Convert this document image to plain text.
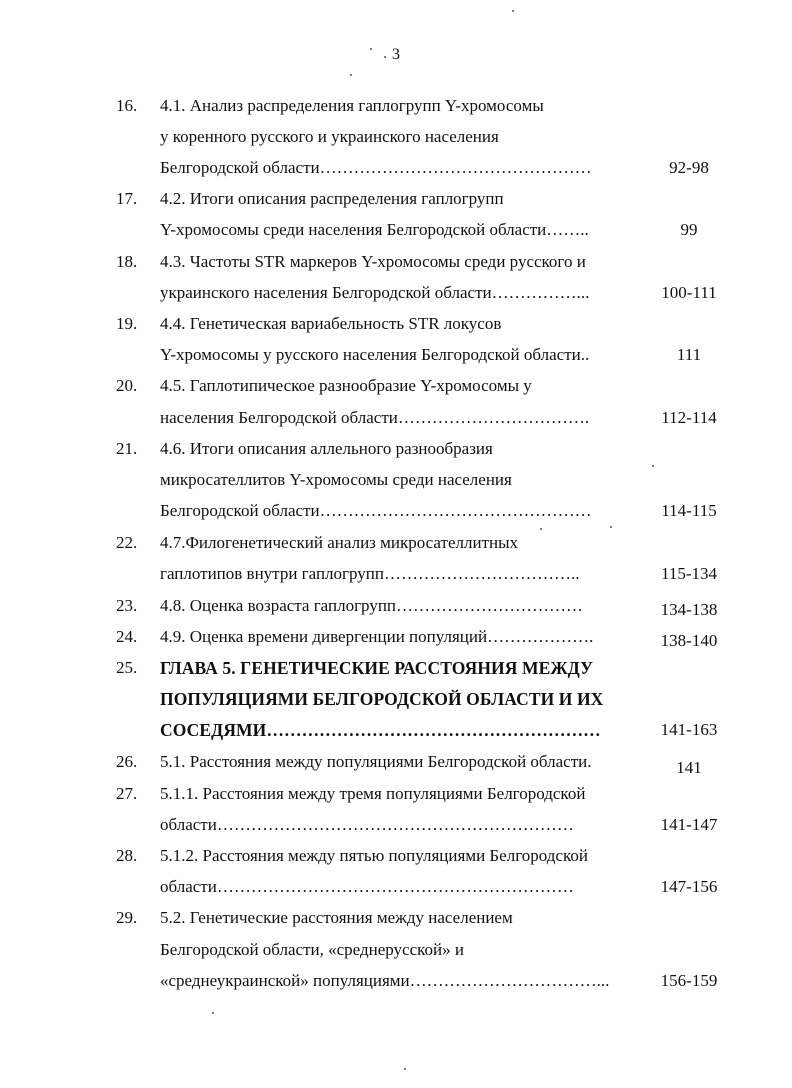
3
16. 4.1. Анализ распределения гаплогрупп Y-хромосомы
у коренного русского и украинского населения
Белгородской области…………………………………………	92-98
17. 4.2. Итоги описания распределения гаплогрупп
Y-хромосомы среди населения Белгородской области……..	99
18. 4.3. Частоты STR маркеров Y-хромосомы среди русского и
украинского населения Белгородской области……………...	100-111
19. 4.4. Генетическая вариабельность STR локусов
Y-хромосомы у русского населения Белгородской области..	111
20. 4.5. Гаплотипическое разнообразие Y-хромосомы у
населения Белгородской области…………………………….	112-114
21. 4.6. Итоги описания аллельного разнообразия
микросателлитов Y-хромосомы среди населения
Белгородской области…………………………………………	114-115
22. 4.7.Филогенетический анализ микросателлитных
гаплотипов внутри гаплогрупп……………………………..	115-134
23. 4.8. Оценка возраста гаплогрупп……………………………	134-138
24. 4.9. Оценка времени дивергенции популяций……………….	138-140
25. ГЛАВА 5. ГЕНЕТИЧЕСКИЕ РАССТОЯНИЯ МЕЖДУ
ПОПУЛЯЦИЯМИ БЕЛГОРОДСКОЙ ОБЛАСТИ И ИХ
СОСЕДЯМИ…………………………………………………	141-163
26. 5.1. Расстояния между популяциями Белгородской области.	141
27. 5.1.1. Расстояния между тремя популяциями Белгородской
области………………………………………………………	141-147
28. 5.1.2. Расстояния между пятью популяциями Белгородской
области………………………………………………………	147-156
29. 5.2. Генетические расстояния между населением
Белгородской области, «среднерусской» и
«среднеукраинской» популяциями……………………………...	156-159
